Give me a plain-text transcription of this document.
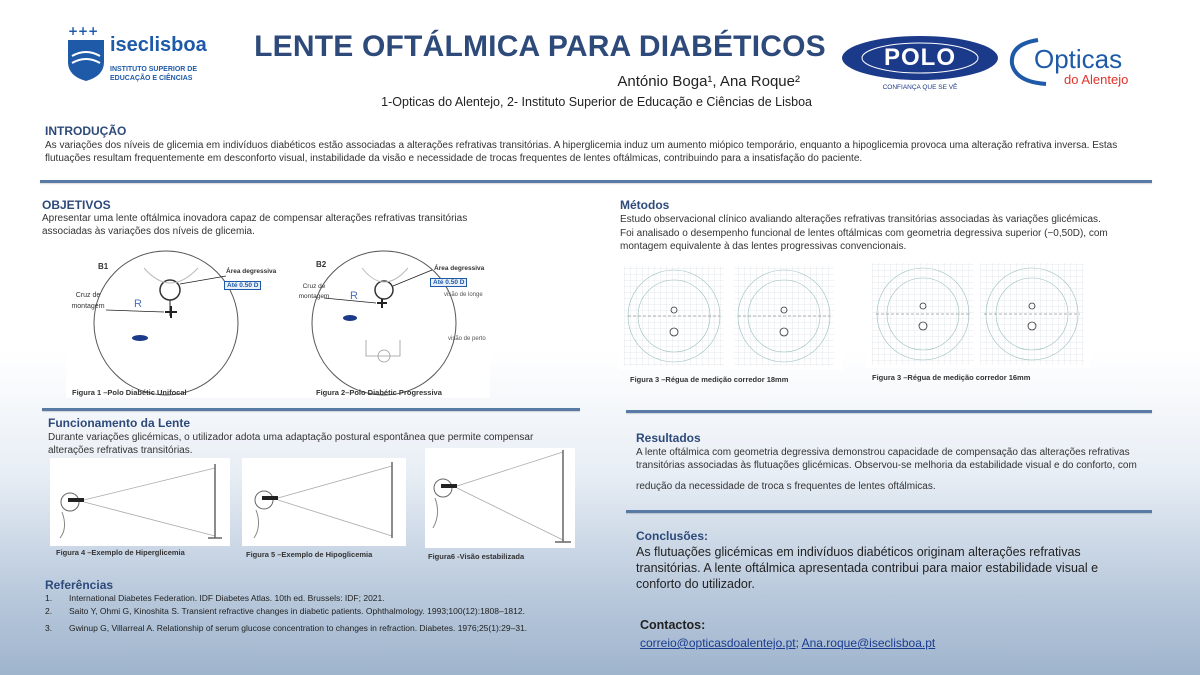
+++
iseclisboa
INSTITUTO SUPERIOR DE
EDUCAÇÃO E CIÊNCIAS
LENTE OFTÁLMICA PARA DIABÉTICOS
António Boga¹, Ana Roque²
1-Opticas do Alentejo, 2- Instituto Superior de Educação e Ciências de Lisboa
POLO
CONFIANÇA QUE SE VÊ
Opticas
do Alentejo
INTRODUÇÃO
As variações dos níveis de glicemia em indivíduos diabéticos estão associadas a alterações refrativas transitórias. A hiperglicemia induz um aumento miópico temporário, enquanto a hipoglicemia provoca uma alteração refrativa inversa. Estas flutuações resultam frequentemente em desconforto visual, instabilidade da visão e necessidade de trocas frequentes de lentes oftálmicas, contribuindo para a insatisfação do paciente.
OBJETIVOS
Apresentar uma lente oftálmica inovadora capaz de compensar alterações refrativas transitórias associadas às variações dos níveis de glicemia.
B1
Área degressiva
Até 0.50 D
Cruz de montagem	R
Figura 1 –Polo Diabétic Unifocal
B2	Área degressiva
Até 0.50 D
visão de longe
Cruz de montagem R
visão de perto
Figura 2–Polo Diabétic Progressiva
Funcionamento da Lente
Durante variações glicémicas, o utilizador adota uma adaptação postural espontânea que permite compensar alterações refrativas transitórias.
Figura 4 –Exemplo de Hiperglicemia	Figura 5 –Exemplo de Hipoglicemia	Figura6 -Visão estabilizada
Referências
1.	International Diabetes Federation. IDF Diabetes Atlas. 10th ed. Brussels: IDF; 2021.
2.	Saito Y, Ohmi G, Kinoshita S. Transient refractive changes in diabetic patients. Ophthalmology. 1993;100(12):1808–1812.
3.	Gwinup G, Villarreal A. Relationship of serum glucose concentration to changes in refraction. Diabetes. 1976;25(1):29–31.
Métodos
Estudo observacional clínico avaliando alterações refrativas transitórias associadas às variações glicémicas.
Foi analisado o desempenho funcional de lentes oftálmicas com geometria degressiva superior (−0,50D), com montagem equivalente à das lentes progressivas convencionais.
Figura 3 –Régua de medição corredor 18mm	Figura 3 –Régua de medição corredor 16mm
Resultados
A lente oftálmica com geometria degressiva demonstrou capacidade de compensação das alterações refrativas transitórias associadas às flutuações glicémicas. Observou-se melhoria da estabilidade visual e do conforto, com
redução da necessidade de troca s frequentes de lentes oftálmicas.
Conclusões:
As flutuações glicémicas em indivíduos diabéticos originam alterações refrativas transitórias. A lente oftálmica apresentada contribui para maior estabilidade visual e conforto do utilizador.
Contactos:
correio@opticasdoalentejo.pt; Ana.roque@iseclisboa.pt
